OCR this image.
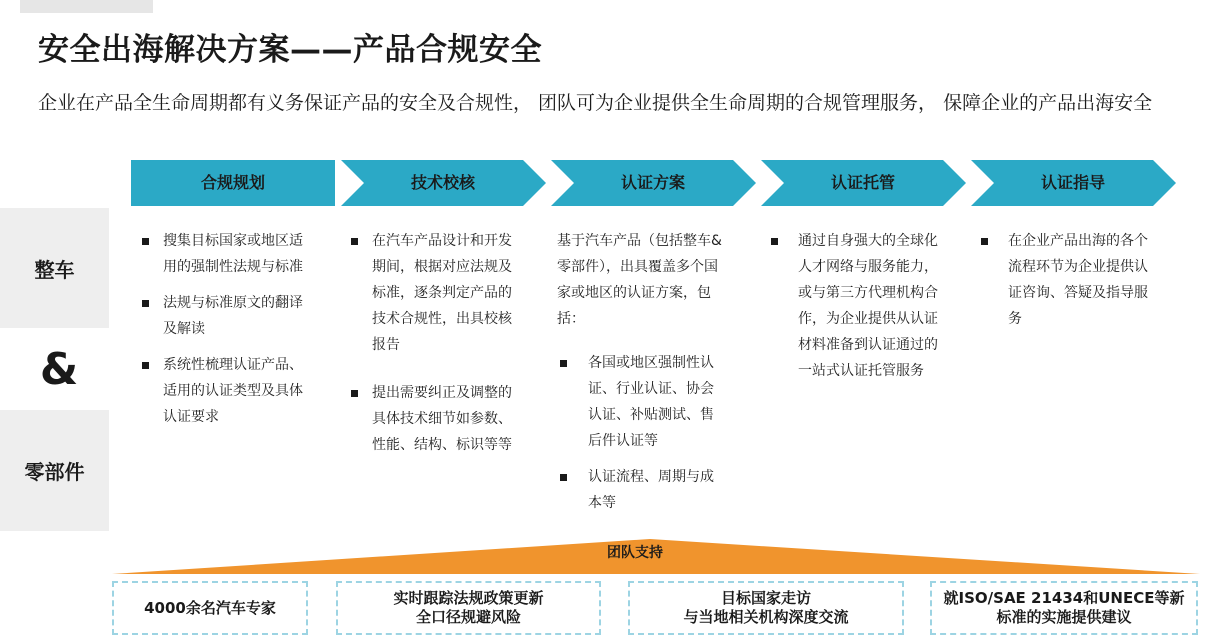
安全出海解决方案——产品合规安全
企业在产品全生命周期都有义务保证产品的安全及合规性， 团队可为企业提供全生命周期的合规管理服务， 保障企业的产品出海安全
整车
&
零部件
合规规划	技术校核	认证方案	认证托管	认证指导
搜集目标国家或地区适用的强制性法规与标准
法规与标准原文的翻译及解读
系统性梳理认证产品、适用的认证类型及具体认证要求
在汽车产品设计和开发期间，根据对应法规及标准，逐条判定产品的技术合规性，出具校核报告
提出需要纠正及调整的具体技术细节如参数、性能、结构、标识等等
基于汽车产品（包括整车&零部件），出具覆盖多个国家或地区的认证方案，包括：
各国或地区强制性认证、行业认证、协会认证、补贴测试、售后件认证等
认证流程、周期与成本等
通过自身强大的全球化人才网络与服务能力，或与第三方代理机构合作，为企业提供从认证材料准备到认证通过的一站式认证托管服务
在企业产品出海的各个流程环节为企业提供认证咨询、答疑及指导服务
团队支持
4000余名汽车专家
实时跟踪法规政策更新
全口径规避风险
目标国家走访
与当地相关机构深度交流
就ISO/SAE 21434和UNECE等新
标准的实施提供建议
